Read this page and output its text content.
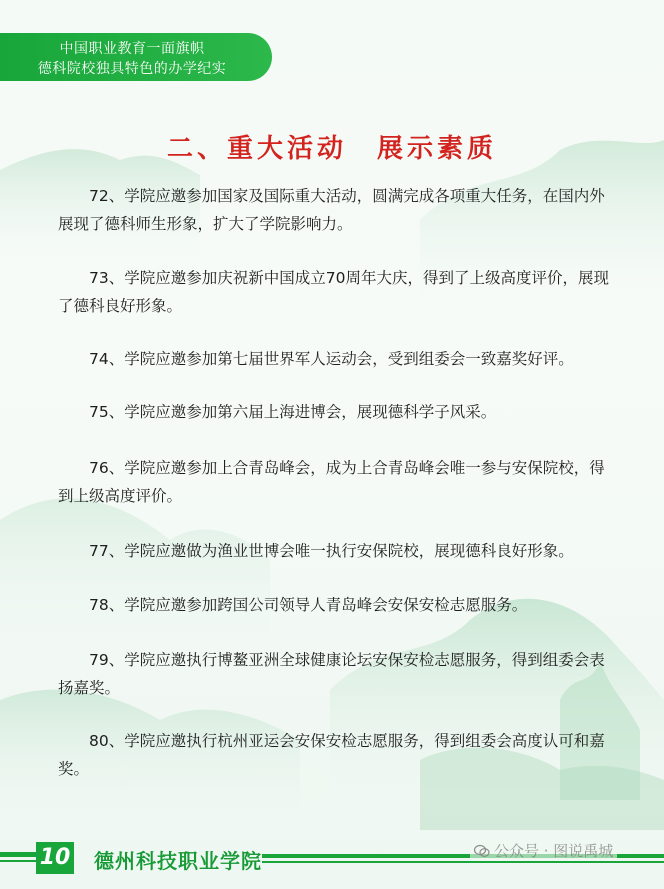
中国职业教育一面旗帜
德科院校独具特色的办学纪实
二、重大活动　展示素质
72、学院应邀参加国家及国际重大活动，圆满完成各项重大任务，在国内外展现了德科师生形象，扩大了学院影响力。
73、学院应邀参加庆祝新中国成立70周年大庆，得到了上级高度评价，展现了德科良好形象。
74、学院应邀参加第七届世界军人运动会，受到组委会一致嘉奖好评。
75、学院应邀参加第六届上海进博会，展现德科学子风采。
76、学院应邀参加上合青岛峰会，成为上合青岛峰会唯一参与安保院校，得到上级高度评价。
77、学院应邀做为渔业世博会唯一执行安保院校，展现德科良好形象。
78、学院应邀参加跨国公司领导人青岛峰会安保安检志愿服务。
79、学院应邀执行博鳌亚洲全球健康论坛安保安检志愿服务，得到组委会表扬嘉奖。
80、学院应邀执行杭州亚运会安保安检志愿服务，得到组委会高度认可和嘉奖。
10 德州科技职业学院	公众号 · 图说禹城
